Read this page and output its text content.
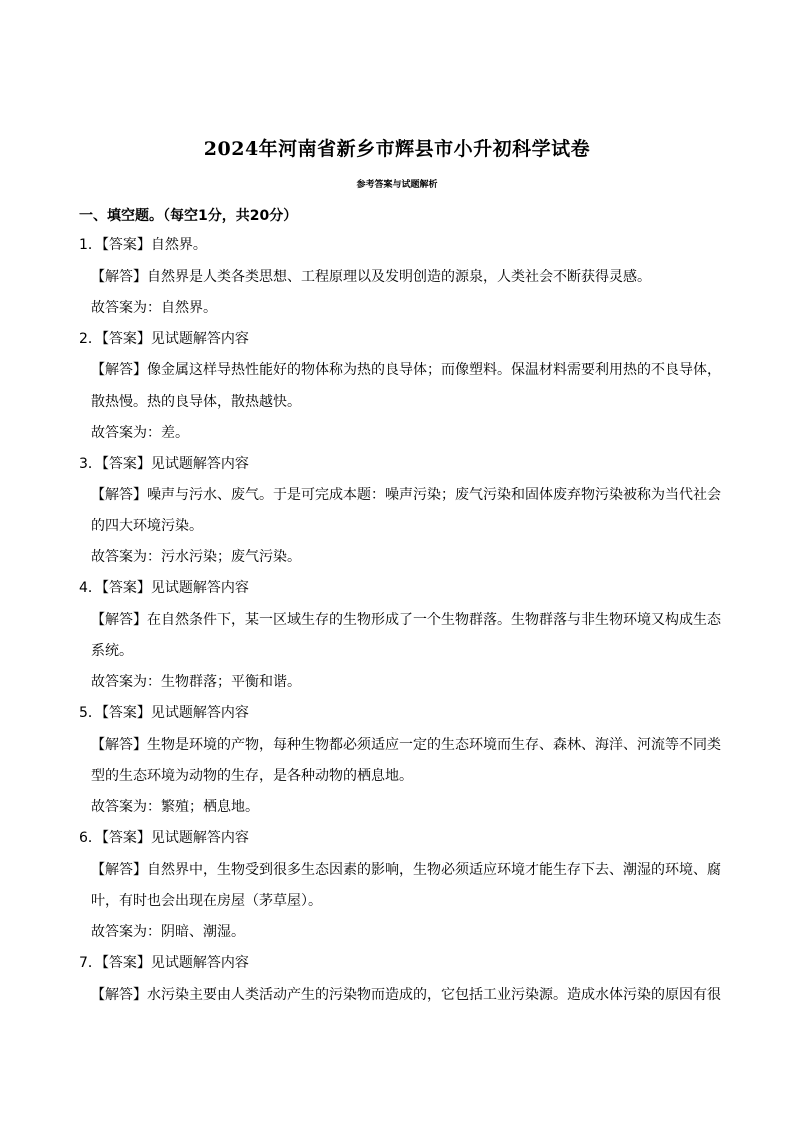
2024年河南省新乡市辉县市小升初科学试卷
参考答案与试题解析
一、填空题。（每空1分，共20分）
1．【答案】自然界。
【解答】自然界是人类各类思想、工程原理以及发明创造的源泉，人类社会不断获得灵感。
故答案为：自然界。
2．【答案】见试题解答内容
【解答】像金属这样导热性能好的物体称为热的良导体；而像塑料。保温材料需要利用热的不良导体，
散热慢。热的良导体，散热越快。
故答案为：差。
3．【答案】见试题解答内容
【解答】噪声与污水、废气。于是可完成本题：噪声污染；废气污染和固体废弃物污染被称为当代社会
的四大环境污染。
故答案为：污水污染；废气污染。
4．【答案】见试题解答内容
【解答】在自然条件下，某一区域生存的生物形成了一个生物群落。生物群落与非生物环境又构成生态
系统。
故答案为：生物群落；平衡和谐。
5．【答案】见试题解答内容
【解答】生物是环境的产物，每种生物都必须适应一定的生态环境而生存、森林、海洋、河流等不同类
型的生态环境为动物的生存，是各种动物的栖息地。
故答案为：繁殖；栖息地。
6．【答案】见试题解答内容
【解答】自然界中，生物受到很多生态因素的影响，生物必须适应环境才能生存下去、潮湿的环境、腐
叶，有时也会出现在房屋（茅草屋）。
故答案为：阴暗、潮湿。
7．【答案】见试题解答内容
【解答】水污染主要由人类活动产生的污染物而造成的，它包括工业污染源。造成水体污染的原因有很
